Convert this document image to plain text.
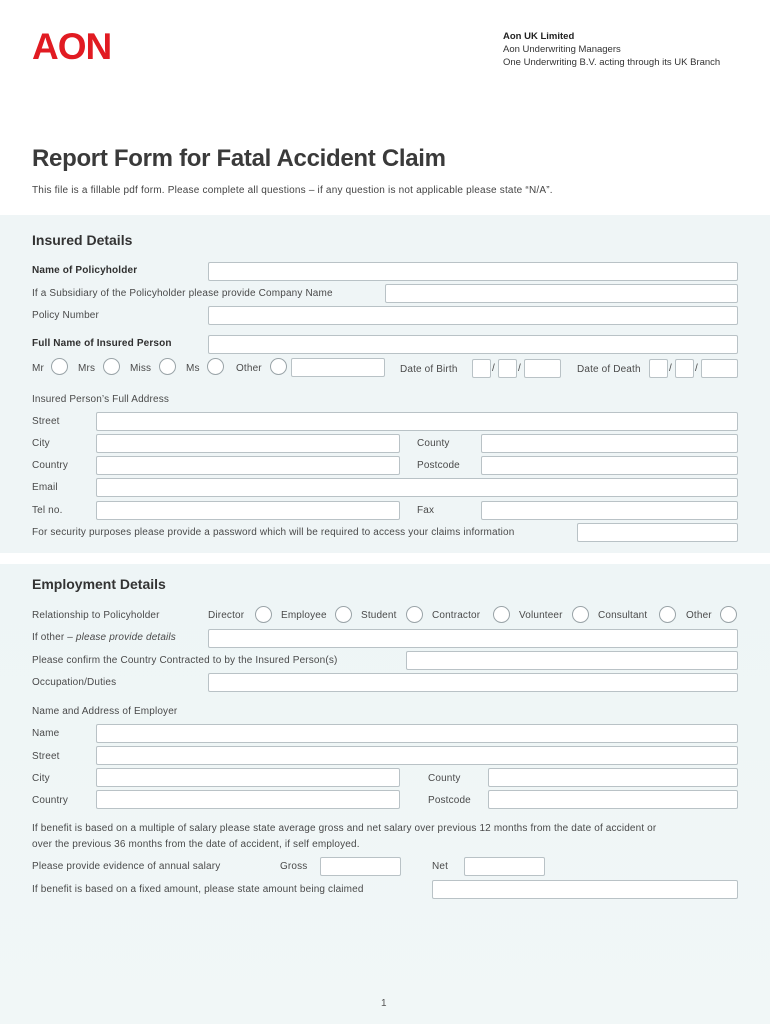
AON	Aon UK Limited
Aon Underwriting Managers
One Underwriting B.V. acting through its UK Branch
Report Form for Fatal Accident Claim
This file is a fillable pdf form. Please complete all questions – if any question is not applicable please state “N/A”.
Insured Details
Name of Policyholder
If a Subsidiary of the Policyholder please provide Company Name
Policy Number
Full Name of Insured Person
Mr	Mrs	Miss	Ms	Other	Date of Birth	/ /	Date of Death	/ /
Insured Person’s Full Address
Street
City	County
Country	Postcode
Email
Tel no.	Fax
For security purposes please provide a password which will be required to access your claims information
Employment Details
Relationship to Policyholder	Director	Employee	Student	Contractor	Volunteer	Consultant	Other
If other – please provide details
Please confirm the Country Contracted to by the Insured Person(s)
Occupation/Duties
Name and Address of Employer
Name
Street
City	County
Country	Postcode
If benefit is based on a multiple of salary please state average gross and net salary over previous 12 months from the date of accident or
over the previous 36 months from the date of accident, if self employed.
Please provide evidence of annual salary	Gross	Net
If benefit is based on a fixed amount, please state amount being claimed
1
